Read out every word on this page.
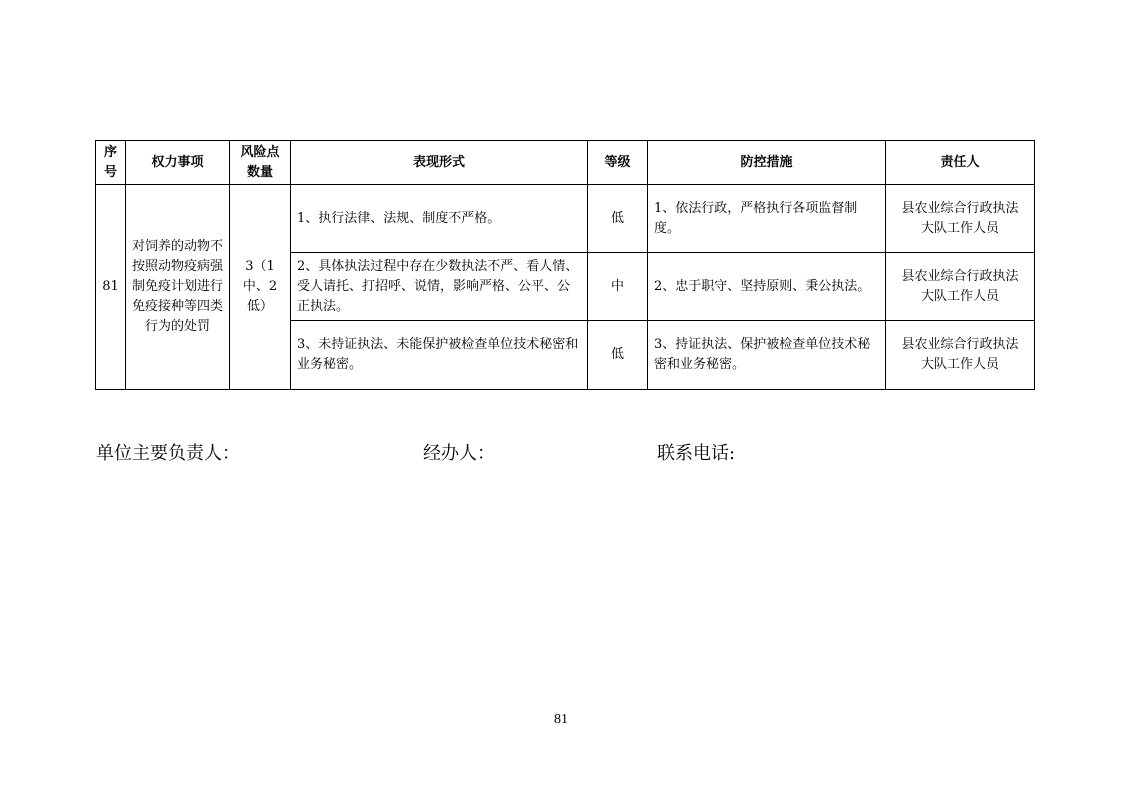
序号	权力事项	风险点数量	表现形式	等级	防控措施	责任人
81	对饲养的动物不按照动物疫病强制免疫计划进行免疫接种等四类行为的处罚	3（1 中、2 低）	1、执行法律、法规、制度不严格。	低	1、依法行政，严格执行各项监督制度。	县农业综合行政执法大队工作人员

			2、具体执法过程中存在少数执法不严、看人情、受人请托、打招呼、说情，影响严格、公平、公正执法。	中	2、忠于职守、坚持原则、秉公执法。	县农业综合行政执法大队工作人员

			3、未持证执法、未能保护被检查单位技术秘密和业务秘密。	低	3、持证执法、保护被检查单位技术秘密和业务秘密。	县农业综合行政执法大队工作人员
单位主要负责人：	经办人：	联系电话:
81
